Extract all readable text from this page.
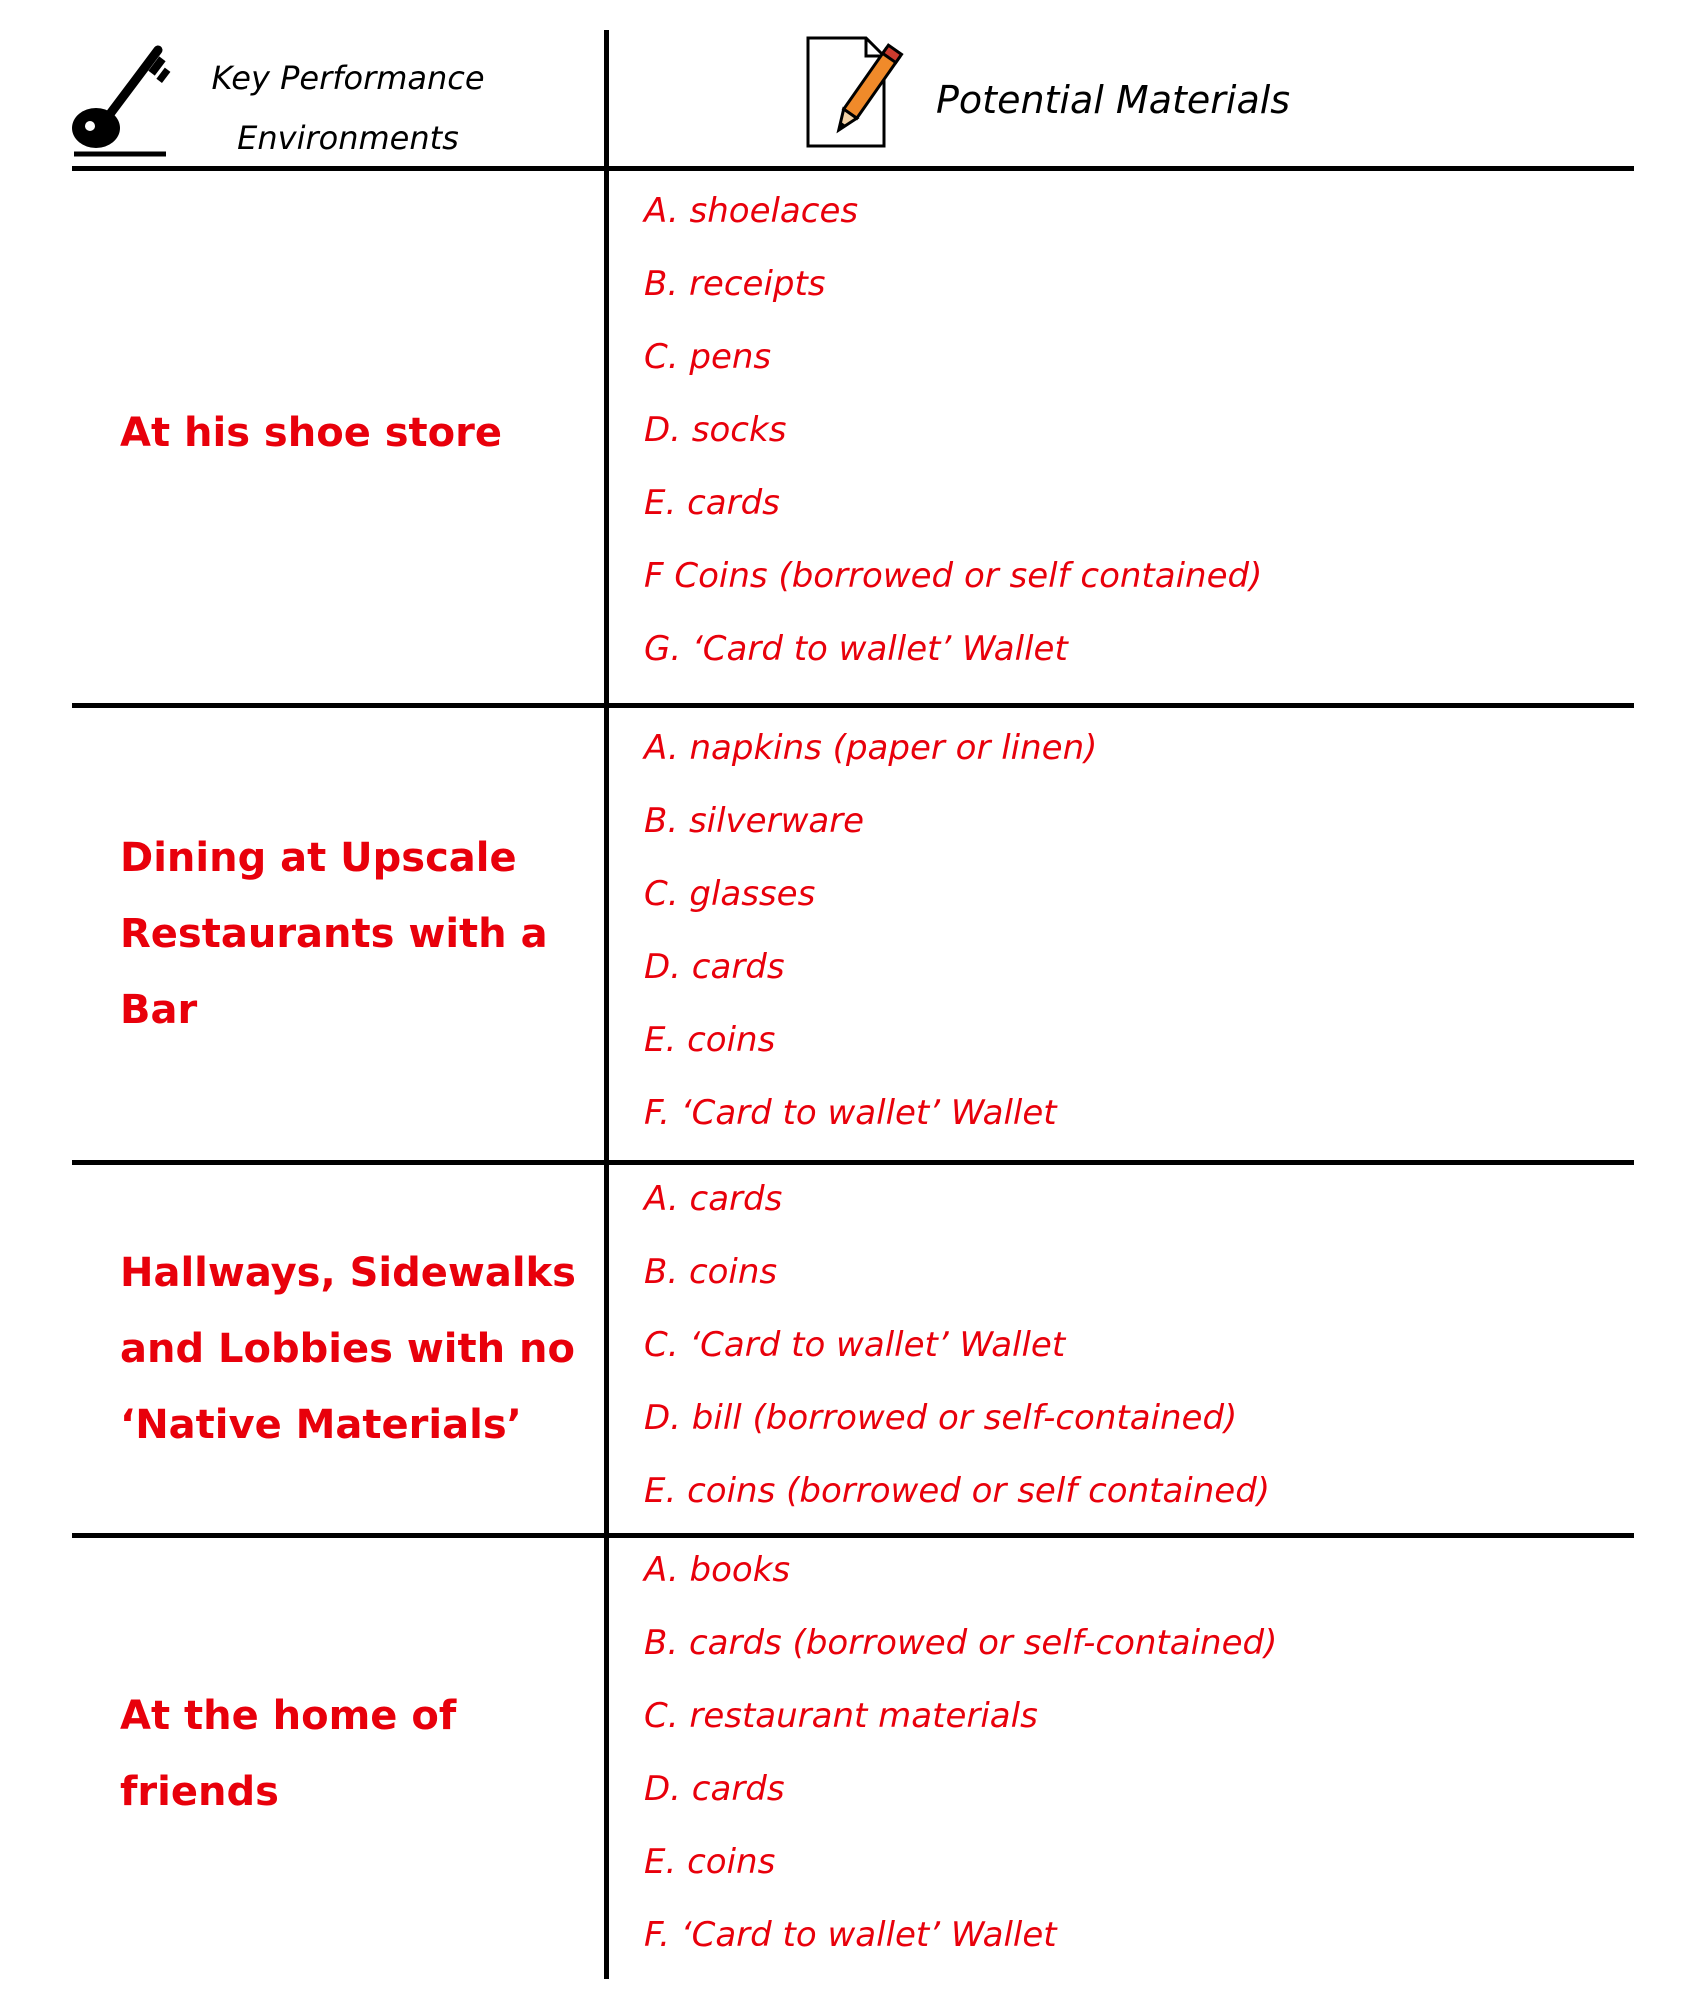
Key Performance
Environments
Potential Materials
At his shoe store
A. shoelaces
B. receipts
C. pens
D. socks
E. cards
F Coins (borrowed or self contained)
G. ‘Card to wallet’ Wallet
Dining at Upscale Restaurants with a Bar
A. napkins (paper or linen)
B. silverware
C. glasses
D. cards
E. coins
F. ‘Card to wallet’ Wallet
Hallways, Sidewalks and Lobbies with no ‘Native Materials’
A. cards
B. coins
C. ‘Card to wallet’ Wallet
D. bill (borrowed or self-contained)
E. coins (borrowed or self contained)
At the home of friends
A. books
B. cards (borrowed or self-contained)
C. restaurant materials
D. cards
E. coins
F. ‘Card to wallet’ Wallet
